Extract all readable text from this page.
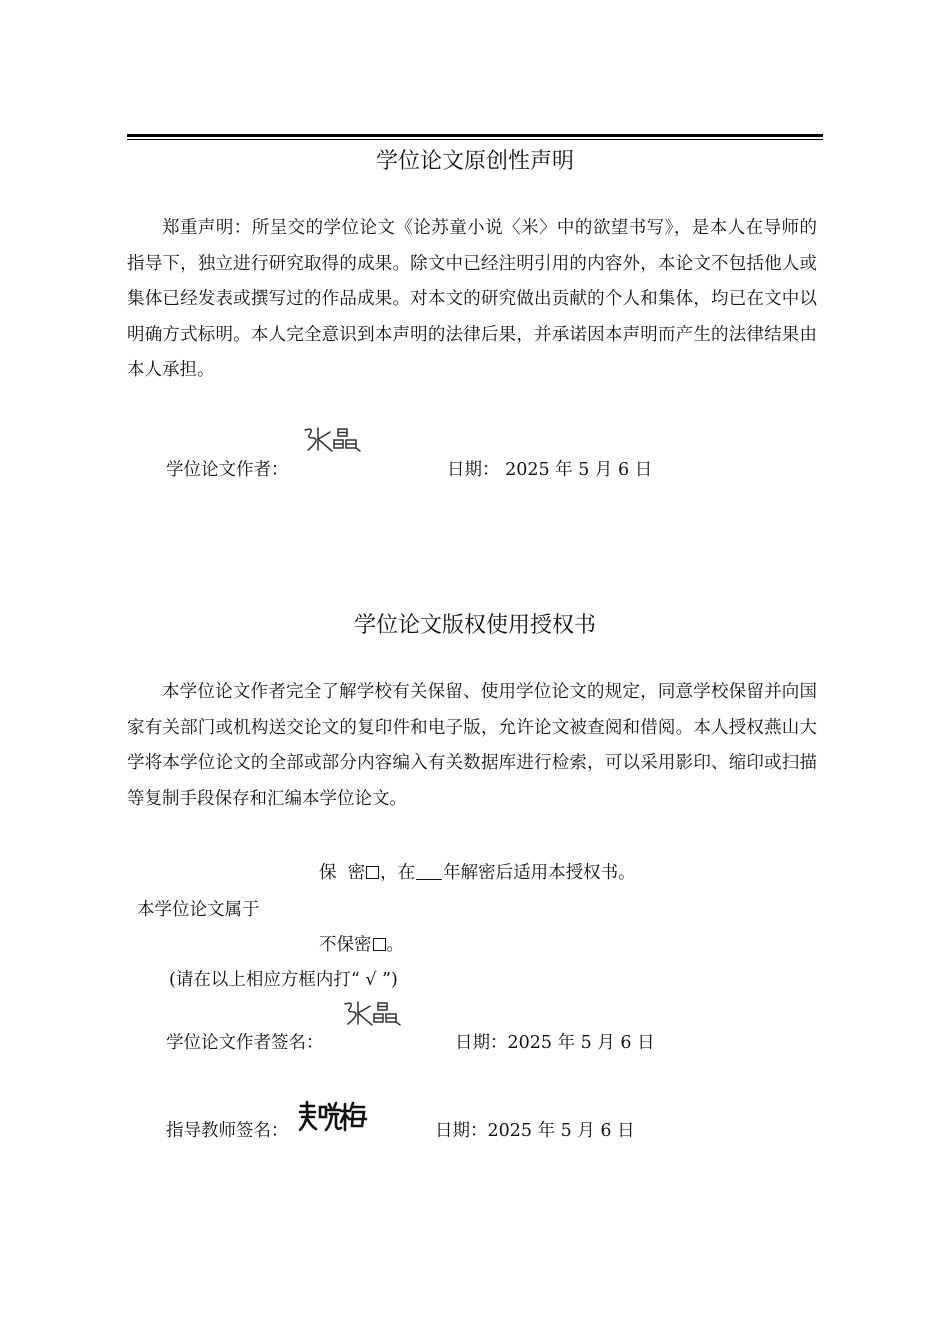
学位论文原创性声明

郑重声明：所呈交的学位论文《论苏童小说〈米〉中的欲望书写》，是本人在导师的指导下，独立进行研究取得的成果。除文中已经注明引用的内容外，本论文不包括他人或集体已经发表或撰写过的作品成果。对本文的研究做出贡献的个人和集体，均已在文中以明确方式标明。本人完全意识到本声明的法律后果，并承诺因本声明而产生的法律结果由本人承担。

学位论文作者：	日期： 2025 年 5 月 6 日
学位论文版权使用授权书

本学位论文作者完全了解学校有关保留、使用学位论文的规定，同意学校保留并向国家有关部门或机构送交论文的复印件和电子版，允许论文被查阅和借阅。本人授权燕山大学将本学位论文的全部或部分内容编入有关数据库进行检索，可以采用影印、缩印或扫描等复制手段保存和汇编本学位论文。

保  密 ，在 年解密后适用本授权书。
本学位论文属于
不保密 。
(请在以上相应方框内打“ √ ”)
学位论文作者签名：	日期：2025 年 5 月 6 日
指导教师签名：	日期：2025 年 5 月 6 日
